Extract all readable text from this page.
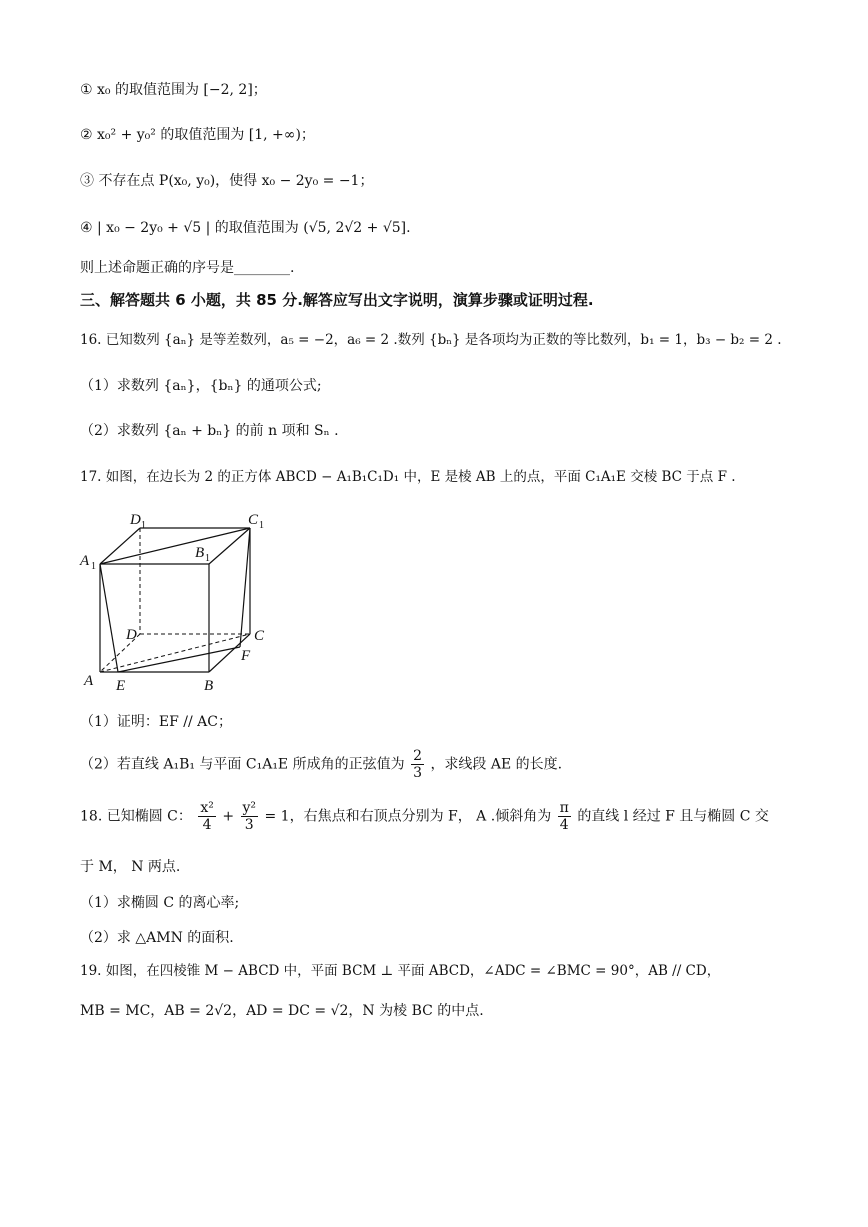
① x₀ 的取值范围为 [−2, 2]；
② x₀² + y₀² 的取值范围为 [1, +∞)；
③ 不存在点 P(x₀, y₀)，使得 x₀ − 2y₀ = −1；
④ | x₀ − 2y₀ + √5 | 的取值范围为 (√5, 2√2 + √5].
则上述命题正确的序号是________.
三、解答题共 6 小题，共 85 分.解答应写出文字说明，演算步骤或证明过程.
16. 已知数列 {aₙ} 是等差数列，a₅ = −2，a₆ = 2 .数列 {bₙ} 是各项均为正数的等比数列，b₁ = 1，b₃ − b₂ = 2 .
（1）求数列 {aₙ}，{bₙ} 的通项公式;
（2）求数列 {aₙ + bₙ} 的前 n 项和 Sₙ .
17. 如图，在边长为 2 的正方体 ABCD − A₁B₁C₁D₁ 中，E 是棱 AB 上的点，平面 C₁A₁E 交棱 BC 于点 F .
D 1	C 1
A 1
B 1
D	C
F
A E	B
（1）证明：EF // AC；
（2）若直线 A₁B₁ 与平面 C₁A₁E 所成角的正弦值为 $\frac{2}{3}$ ，求线段 AE 的长度.
18. 已知椭圆 C： $\frac{\text{x²}}{4} + \frac{\text{y²}}{3} = 1$，右焦点和右顶点分别为 F， A .倾斜角为 $\frac{\pi}{4}$ 的直线 l 经过 F 且与椭圆 C 交
于 M， N 两点.
（1）求椭圆 C 的离心率;
（2）求 △AMN 的面积.
19. 如图，在四棱锥 M − ABCD 中，平面 BCM ⊥ 平面 ABCD，∠ADC = ∠BMC = 90°，AB // CD，
MB = MC，AB = 2√2，AD = DC = √2，N 为棱 BC 的中点.
